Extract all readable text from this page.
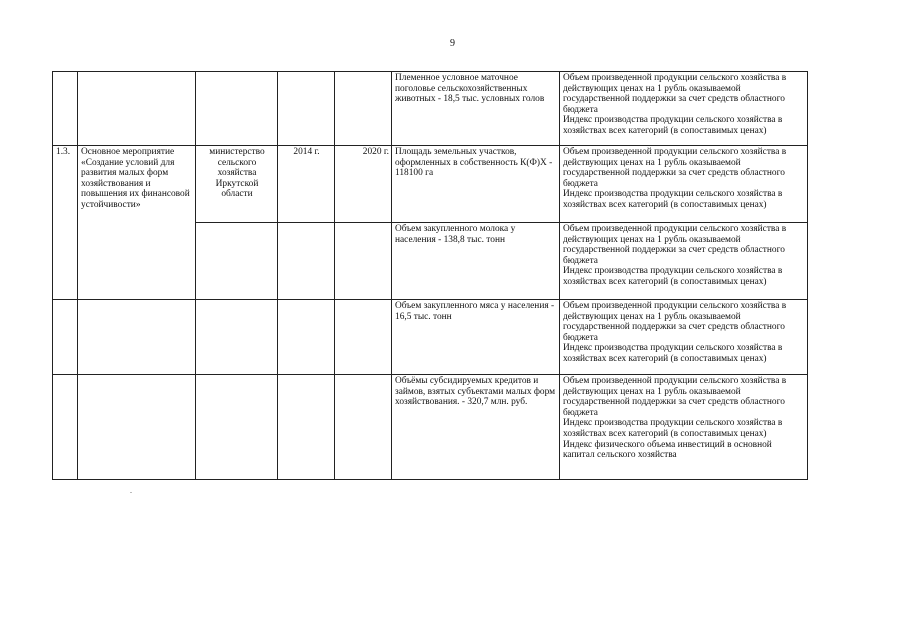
9
					Племенное условное маточное поголовье сельскохозяйственных животных - 18,5 тыс. условных голов	Объем произведенной продукции сельского хозяйства в действующих ценах на 1 рубль оказываемой государственной поддержки за счет средств областного бюджета
Индекс производства продукции сельского хозяйства в хозяйствах всех категорий (в сопоставимых ценах)

1.3.	Основное мероприятие «Создание условий для развития малых форм хозяйствования и повышения их финансовой устойчивости»	министерство сельского хозяйства Иркутской области	2014 г.	2020 г.	Площадь земельных участков, оформленных в собственность К(Ф)Х - 118100 га	Объем произведенной продукции сельского хозяйства в действующих ценах на 1 рубль оказываемой государственной поддержки за счет средств областного бюджета
Индекс производства продукции сельского хозяйства в хозяйствах всех категорий (в сопоставимых ценах)

					Объем закупленного молока у населения - 138,8 тыс. тонн	Объем произведенной продукции сельского хозяйства в действующих ценах на 1 рубль оказываемой государственной поддержки за счет средств областного бюджета
Индекс производства продукции сельского хозяйства в хозяйствах всех категорий (в сопоставимых ценах)

					Объем закупленного мяса у населения - 16,5 тыс. тонн	Объем произведенной продукции сельского хозяйства в действующих ценах на 1 рубль оказываемой государственной поддержки за счет средств областного бюджета
Индекс производства продукции сельского хозяйства в хозяйствах всех категорий (в сопоставимых ценах)

					Объёмы субсидируемых кредитов и займов, взятых субъектами малых форм хозяйствования. - 320,7 млн. руб.	Объем произведенной продукции сельского хозяйства в действующих ценах на 1 рубль оказываемой государственной поддержки за счет средств областного бюджета
Индекс производства продукции сельского хозяйства в хозяйствах всех категорий (в сопоставимых ценах)
Индекс физического объема инвестиций в основной капитал сельского хозяйства
